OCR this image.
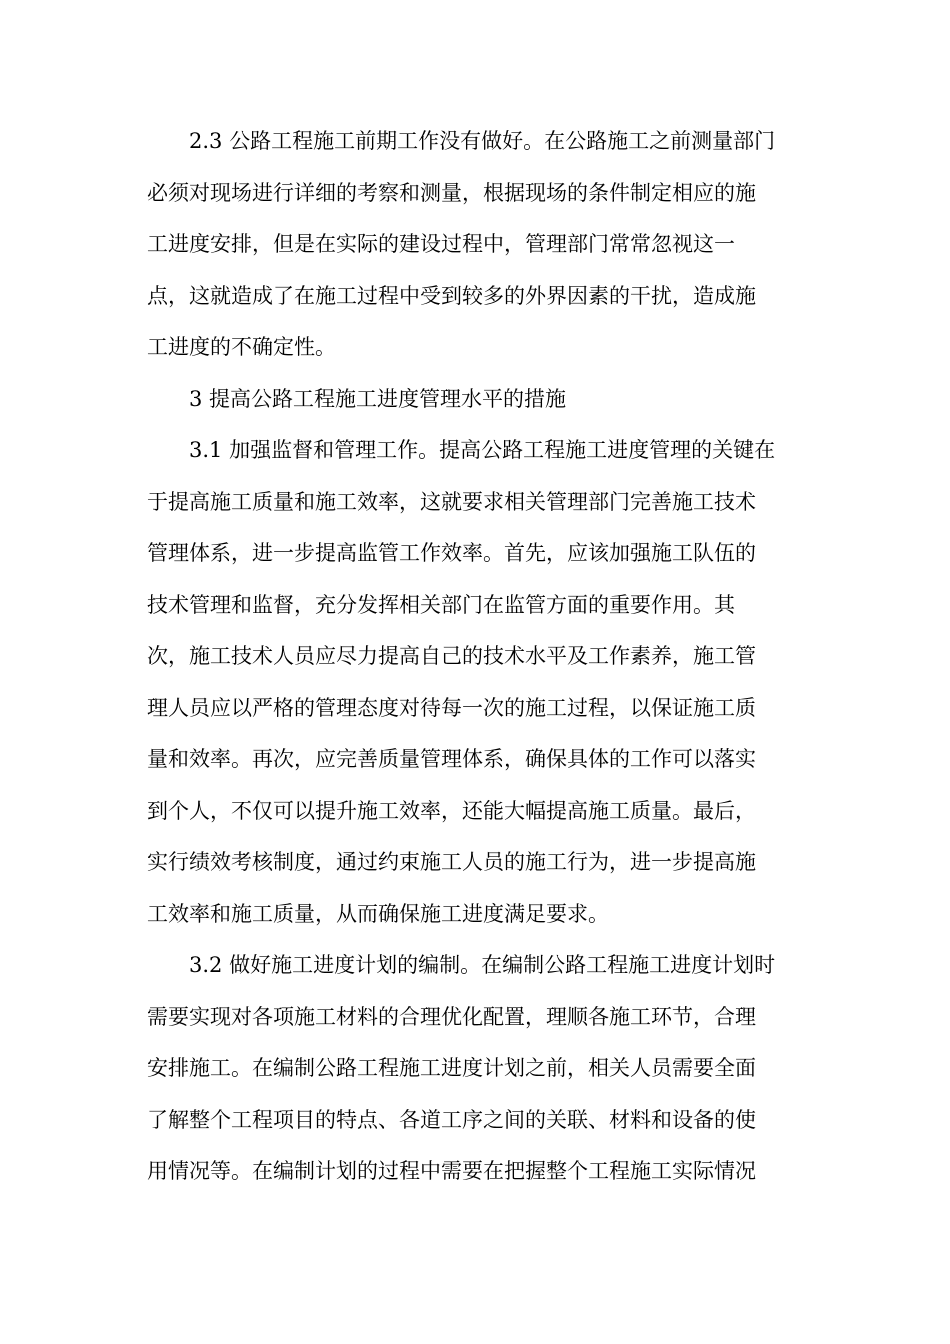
2.3 公路工程施工前期工作没有做好。在公路施工之前测量部门
必须对现场进行详细的考察和测量，根据现场的条件制定相应的施
工进度安排，但是在实际的建设过程中，管理部门常常忽视这一
点，这就造成了在施工过程中受到较多的外界因素的干扰，造成施
工进度的不确定性。
3 提高公路工程施工进度管理水平的措施
3.1 加强监督和管理工作。提高公路工程施工进度管理的关键在
于提高施工质量和施工效率，这就要求相关管理部门完善施工技术
管理体系，进一步提高监管工作效率。首先，应该加强施工队伍的
技术管理和监督，充分发挥相关部门在监管方面的重要作用。其
次，施工技术人员应尽力提高自己的技术水平及工作素养，施工管
理人员应以严格的管理态度对待每一次的施工过程，以保证施工质
量和效率。再次，应完善质量管理体系，确保具体的工作可以落实
到个人，不仅可以提升施工效率，还能大幅提高施工质量。最后，
实行绩效考核制度，通过约束施工人员的施工行为，进一步提高施
工效率和施工质量，从而确保施工进度满足要求。
3.2 做好施工进度计划的编制。在编制公路工程施工进度计划时
需要实现对各项施工材料的合理优化配置，理顺各施工环节，合理
安排施工。在编制公路工程施工进度计划之前，相关人员需要全面
了解整个工程项目的特点、各道工序之间的关联、材料和设备的使
用情况等。在编制计划的过程中需要在把握整个工程施工实际情况
